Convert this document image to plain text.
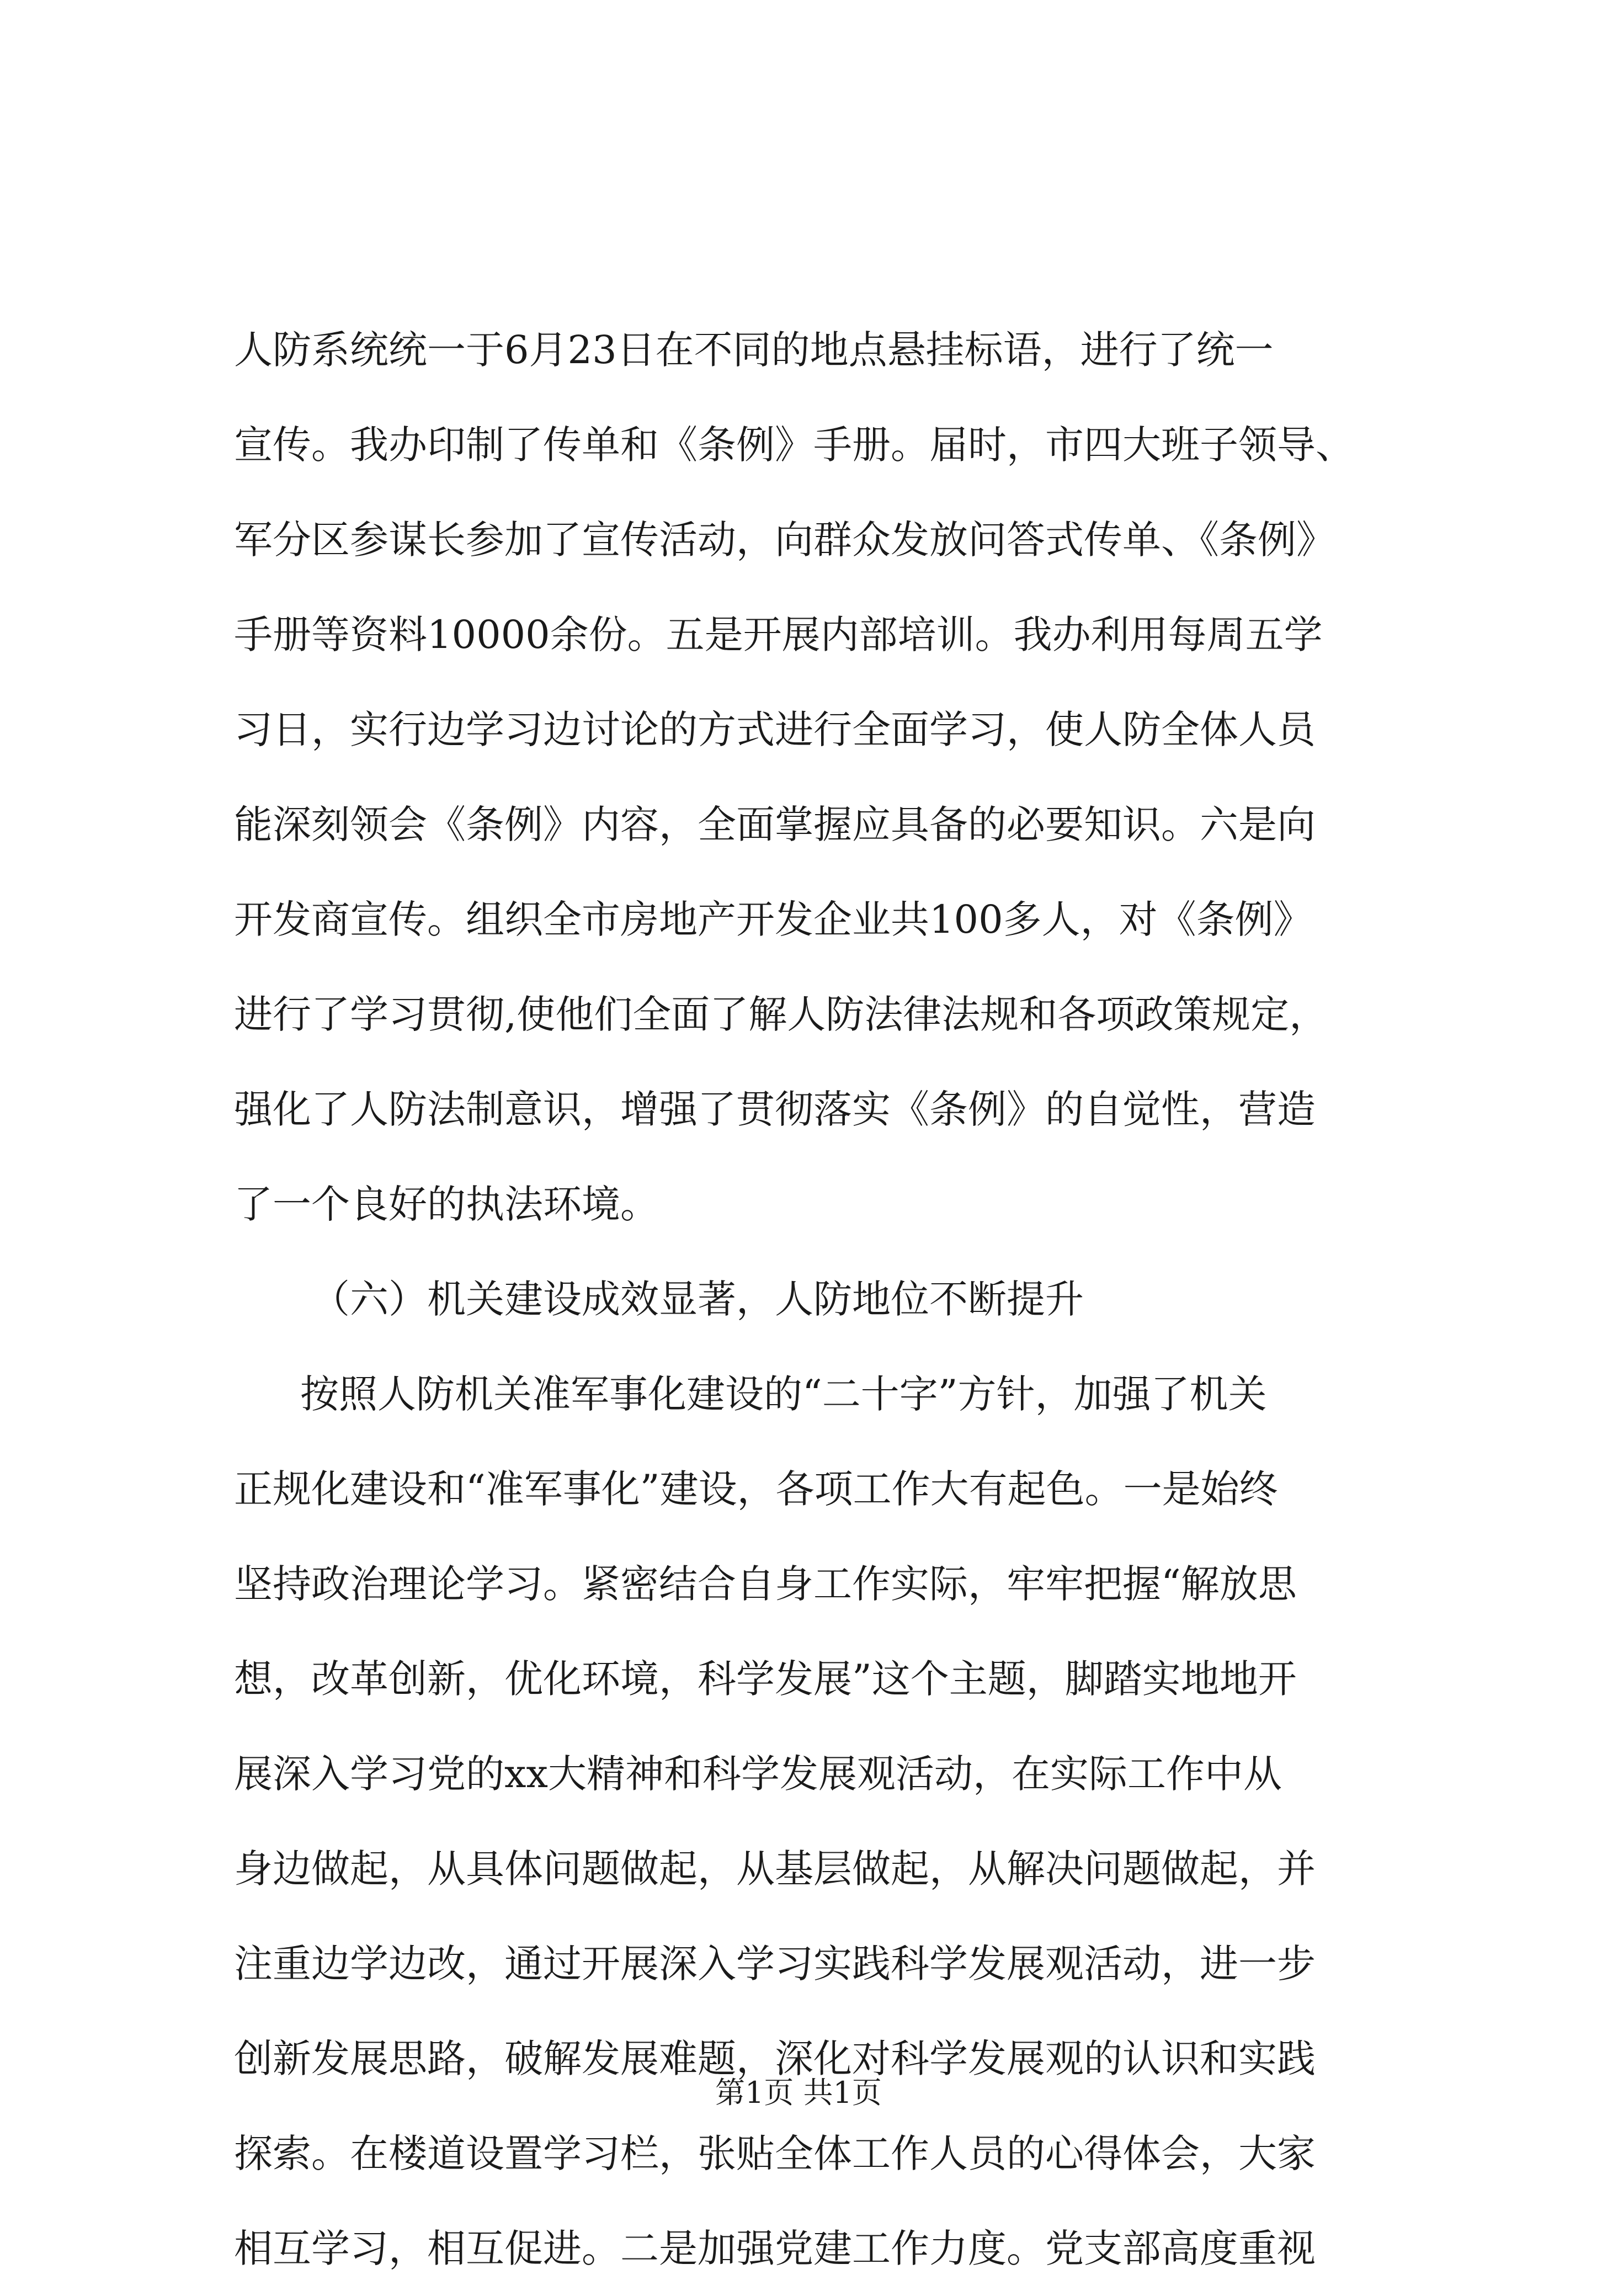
人防系统统一于6月23日在不同的地点悬挂标语，进行了统一
宣传。我办印制了传单和《条例》手册。届时，市四大班子领导、
军分区参谋长参加了宣传活动，向群众发放问答式传单、《条例》
手册等资料10000余份。五是开展内部培训。我办利用每周五学
习日，实行边学习边讨论的方式进行全面学习，使人防全体人员
能深刻领会《条例》内容，全面掌握应具备的必要知识。六是向
开发商宣传。组织全市房地产开发企业共100多人，对《条例》
进行了学习贯彻,使他们全面了解人防法律法规和各项政策规定，
强化了人防法制意识，增强了贯彻落实《条例》的自觉性，营造
了一个良好的执法环境。
（六）机关建设成效显著，人防地位不断提升
按照人防机关准军事化建设的“二十字”方针，加强了机关
正规化建设和“准军事化”建设，各项工作大有起色。一是始终
坚持政治理论学习。紧密结合自身工作实际，牢牢把握“解放思
想，改革创新，优化环境，科学发展”这个主题，脚踏实地地开
展深入学习党的xx大精神和科学发展观活动，在实际工作中从
身边做起，从具体问题做起，从基层做起，从解决问题做起，并
注重边学边改，通过开展深入学习实践科学发展观活动，进一步
创新发展思路，破解发展难题，深化对科学发展观的认识和实践
探索。在楼道设置学习栏，张贴全体工作人员的心得体会，大家
相互学习，相互促进。二是加强党建工作力度。党支部高度重视
第1页 共1页
